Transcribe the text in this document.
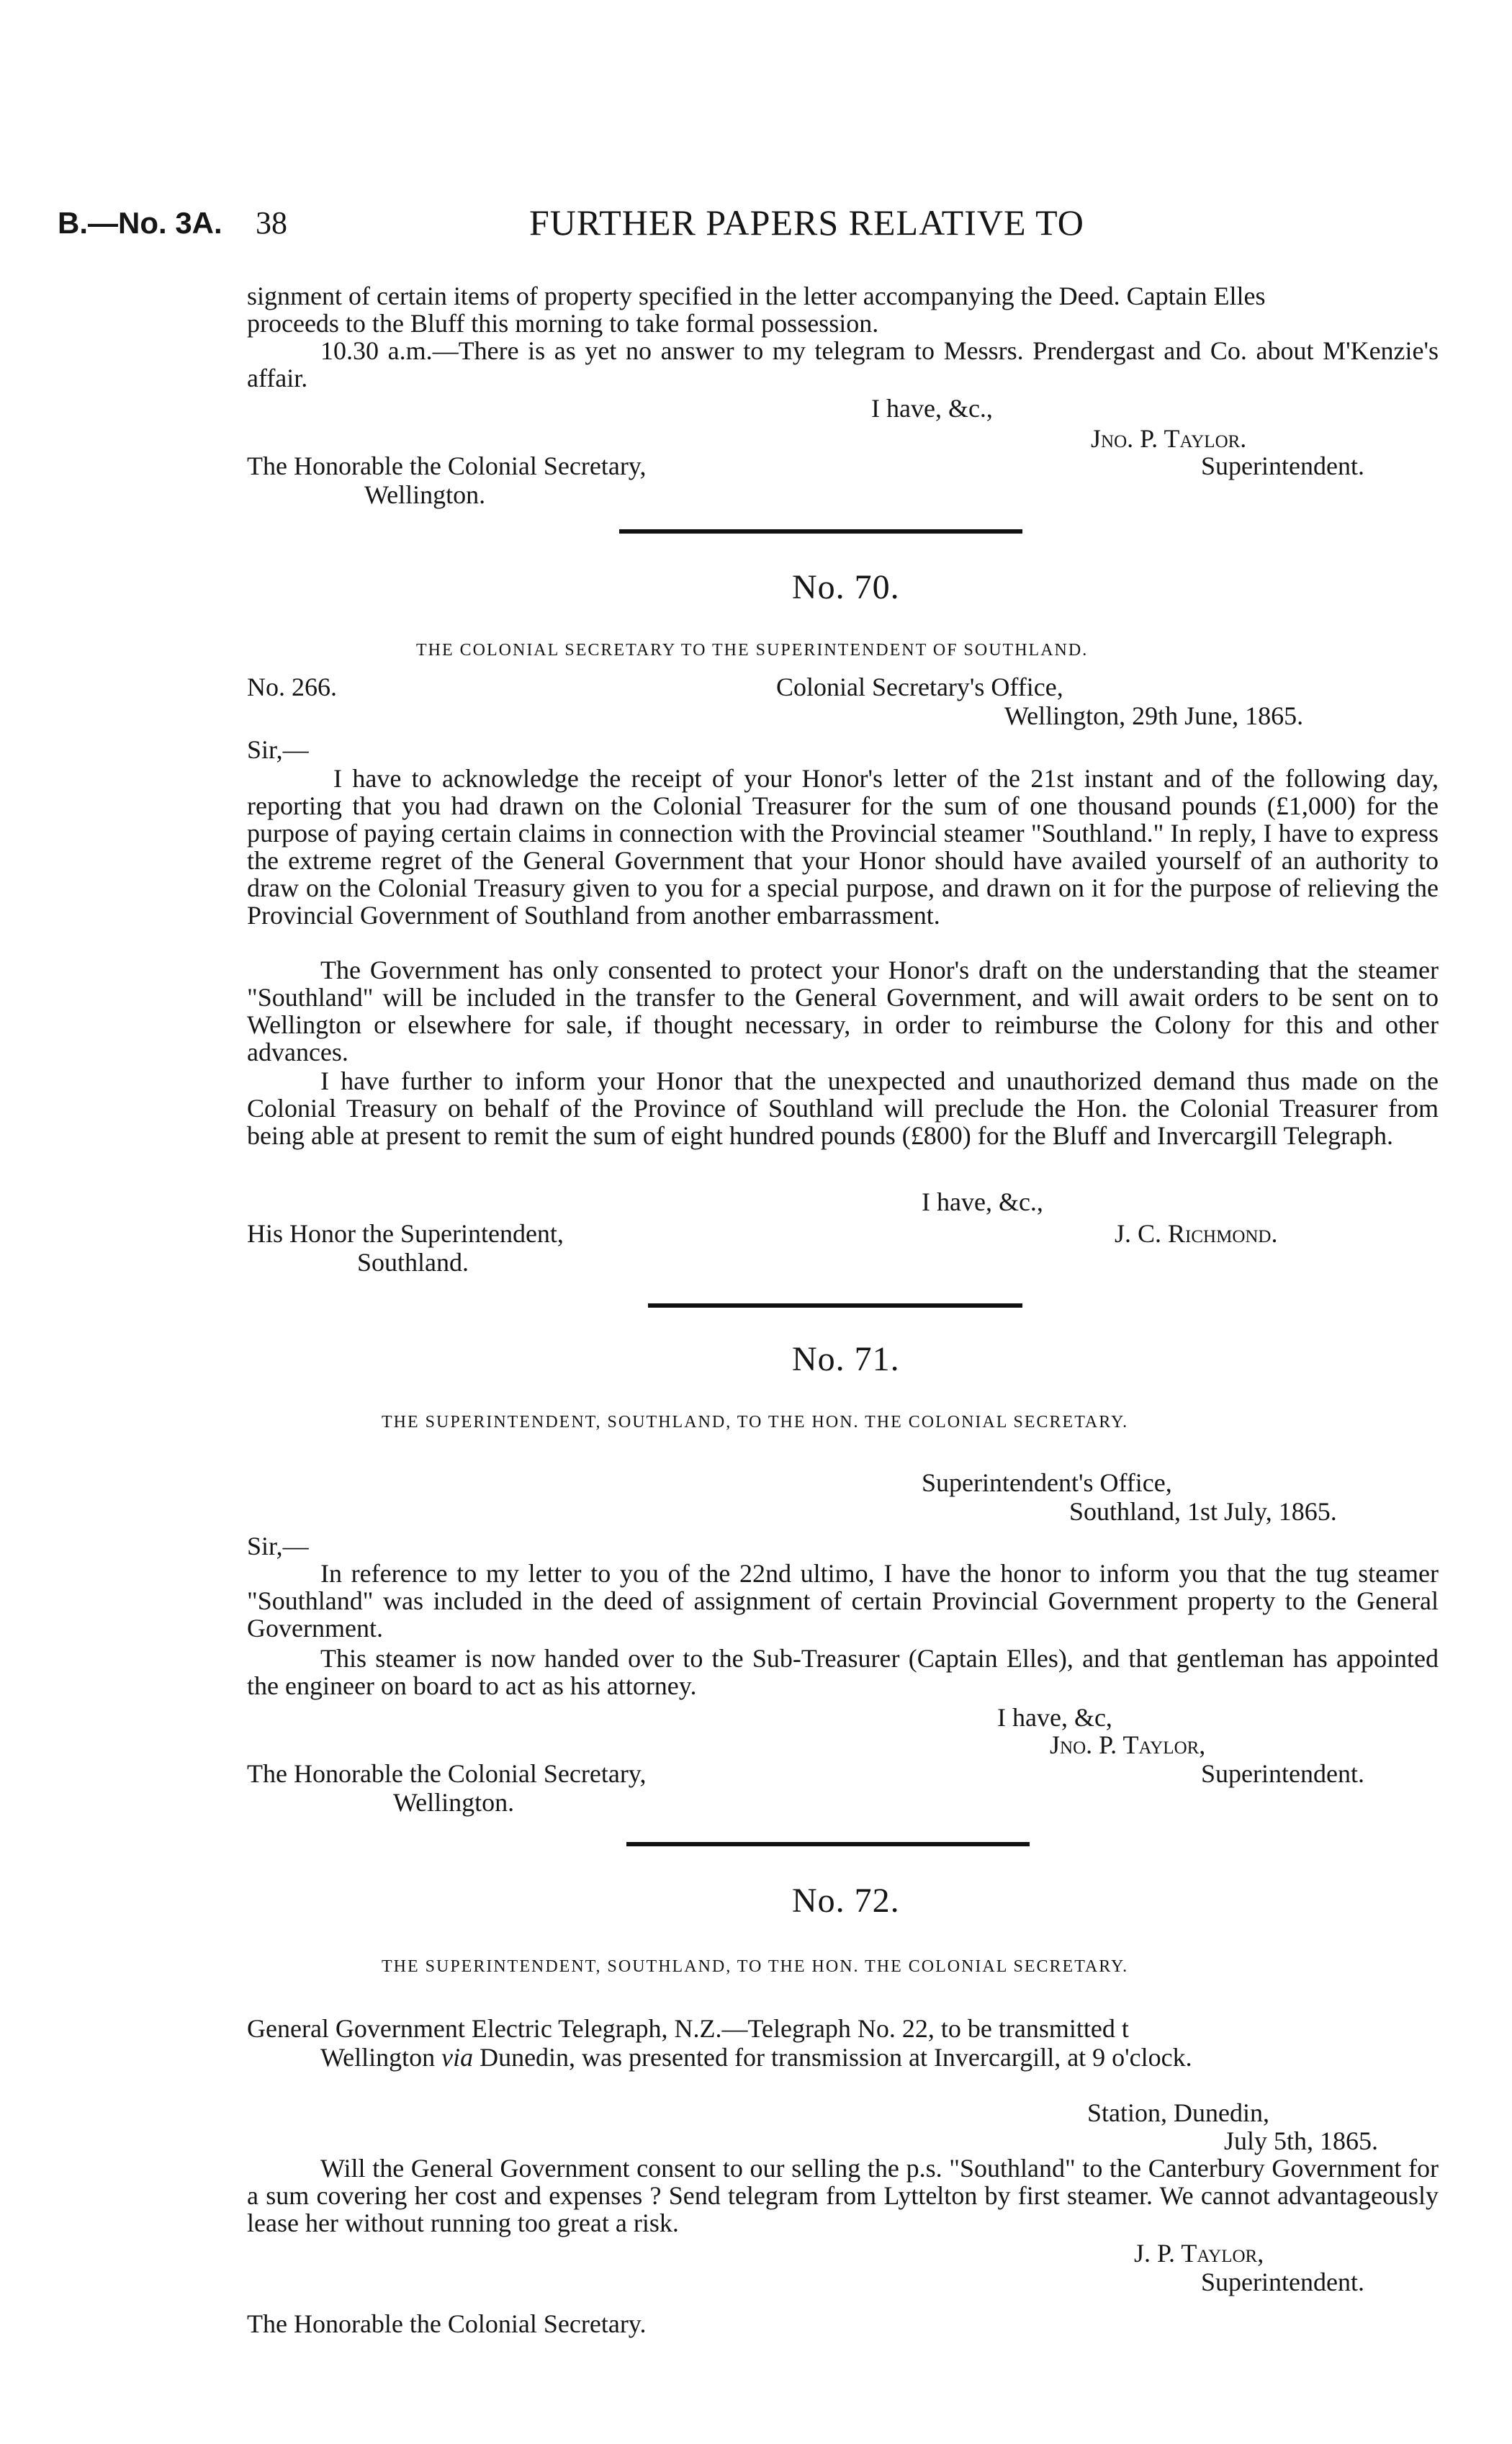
B.—No. 3A. 38	FURTHER PAPERS RELATIVE TO
signment of certain items of property specified in the letter accompanying the Deed. Captain Elles
proceeds to the Bluff this morning to take formal possession.
10.30 a.m.—There is as yet no answer to my telegram to Messrs. Prendergast and Co. about M'Kenzie's affair.
I have, &c.,
Jno. P. Taylor.
The Honorable the Colonial Secretary,	Superintendent.
Wellington.
No. 70.
THE COLONIAL SECRETARY TO THE SUPERINTENDENT OF SOUTHLAND.
No. 266.	Colonial Secretary's Office,
Wellington, 29th June, 1865.
Sir,—
I have to acknowledge the receipt of your Honor's letter of the 21st instant and of the following day, reporting that you had drawn on the Colonial Treasurer for the sum of one thousand pounds (£1,000) for the purpose of paying certain claims in connection with the Provincial steamer "Southland." In reply, I have to express the extreme regret of the General Government that your Honor should have availed yourself of an authority to draw on the Colonial Treasury given to you for a special purpose, and drawn on it for the purpose of relieving the Provincial Government of Southland from another embarrassment.
The Government has only consented to protect your Honor's draft on the understanding that the steamer "Southland" will be included in the transfer to the General Government, and will await orders to be sent on to Wellington or elsewhere for sale, if thought necessary, in order to reimburse the Colony for this and other advances.
I have further to inform your Honor that the unexpected and unauthorized demand thus made on the Colonial Treasury on behalf of the Province of Southland will preclude the Hon. the Colonial Treasurer from being able at present to remit the sum of eight hundred pounds (£800) for the Bluff and Invercargill Telegraph.
I have, &c.,
His Honor the Superintendent,	J. C. Richmond.
Southland.
No. 71.
THE SUPERINTENDENT, SOUTHLAND, TO THE HON. THE COLONIAL SECRETARY.
Superintendent's Office,
Southland, 1st July, 1865.
Sir,—
In reference to my letter to you of the 22nd ultimo, I have the honor to inform you that the tug steamer "Southland" was included in the deed of assignment of certain Provincial Government property to the General Government.
This steamer is now handed over to the Sub-Treasurer (Captain Elles), and that gentleman has appointed the engineer on board to act as his attorney.
I have, &c,
Jno. P. Taylor,
The Honorable the Colonial Secretary,	Superintendent.
Wellington.
No. 72.
THE SUPERINTENDENT, SOUTHLAND, TO THE HON. THE COLONIAL SECRETARY.
General Government Electric Telegraph, N.Z.—Telegraph No. 22, to be transmitted t
Wellington via Dunedin, was presented for transmission at Invercargill, at 9 o'clock.
Station, Dunedin,
July 5th, 1865.
Will the General Government consent to our selling the p.s. "Southland" to the Canterbury Government for a sum covering her cost and expenses ? Send telegram from Lyttelton by first steamer. We cannot advantageously lease her without running too great a risk.
J. P. Taylor,
Superintendent.
The Honorable the Colonial Secretary.
